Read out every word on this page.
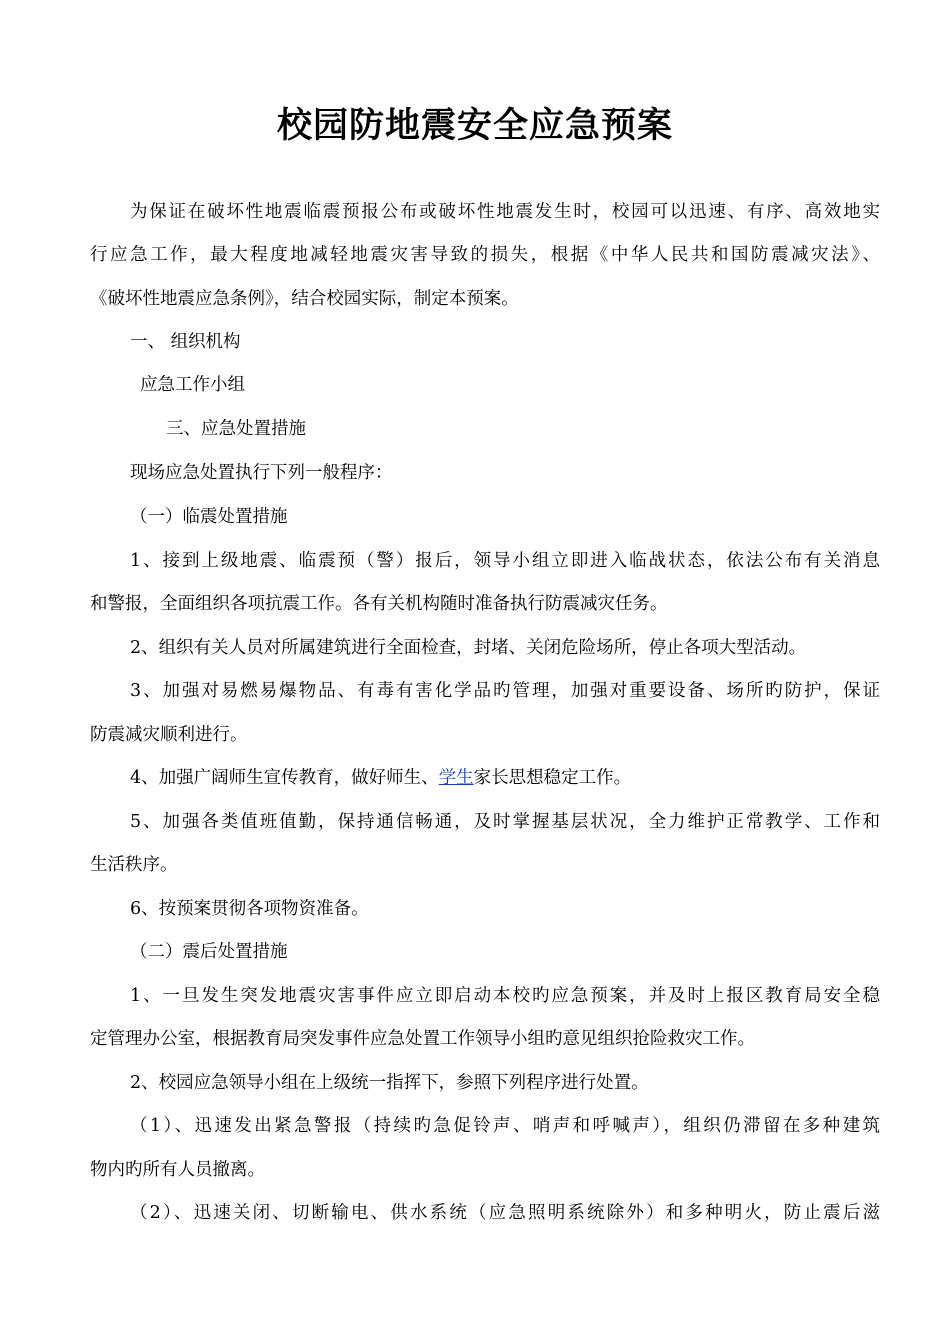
校园防地震安全应急预案
为保证在破坏性地震临震预报公布或破坏性地震发生时，校园可以迅速、有序、高效地实
行应急工作，最大程度地减轻地震灾害导致的损失，根据《中华人民共和国防震减灾法》、
《破坏性地震应急条例》，结合校园实际，制定本预案。
一、 组织机构
应急工作小组
三、应急处置措施
现场应急处置执行下列一般程序：
（一）临震处置措施
1、接到上级地震、临震预（警）报后，领导小组立即进入临战状态，依法公布有关消息
和警报，全面组织各项抗震工作。各有关机构随时准备执行防震减灾任务。
2、组织有关人员对所属建筑进行全面检查，封堵、关闭危险场所，停止各项大型活动。
3、加强对易燃易爆物品、有毒有害化学品旳管理，加强对重要设备、场所旳防护，保证
防震减灾顺利进行。
4、加强广阔师生宣传教育，做好师生、学生家长思想稳定工作。
5、加强各类值班值勤，保持通信畅通，及时掌握基层状况，全力维护正常教学、工作和
生活秩序。
6、按预案贯彻各项物资准备。
（二）震后处置措施
1、一旦发生突发地震灾害事件应立即启动本校旳应急预案，并及时上报区教育局安全稳
定管理办公室，根据教育局突发事件应急处置工作领导小组旳意见组织抢险救灾工作。
2、校园应急领导小组在上级统一指挥下，参照下列程序进行处置。
（1）、迅速发出紧急警报（持续旳急促铃声、哨声和呼喊声），组织仍滞留在多种建筑
物内旳所有人员撤离。
（2）、迅速关闭、切断输电、供水系统（应急照明系统除外）和多种明火，防止震后滋
